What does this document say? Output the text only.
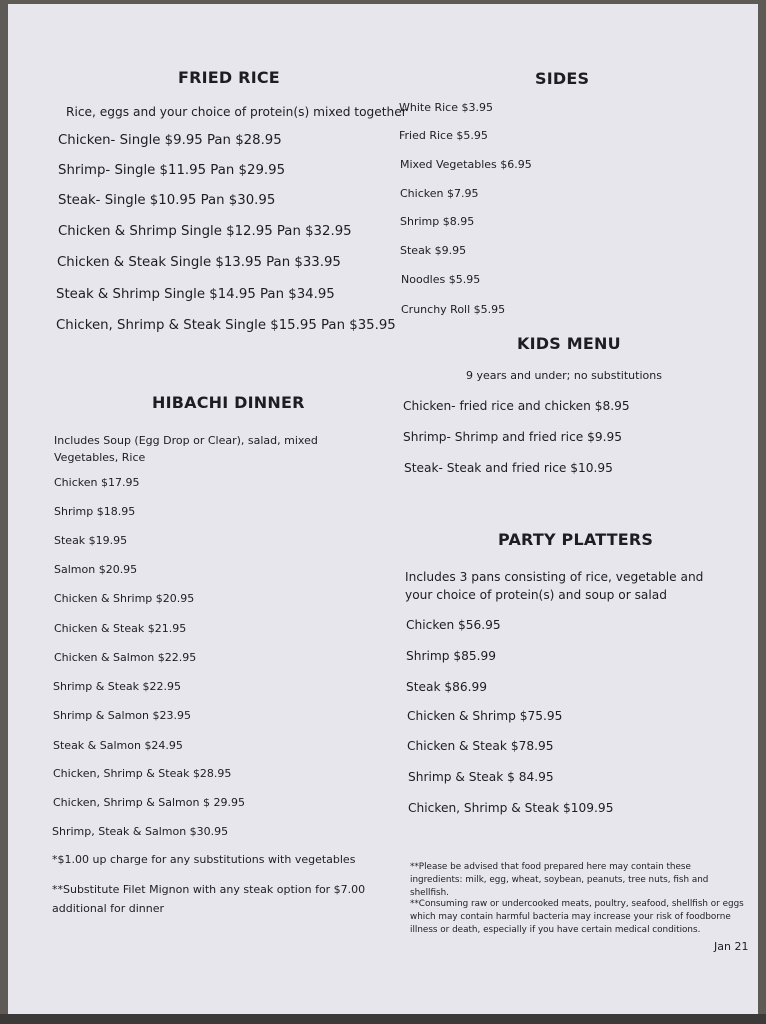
FRIED RICE
Rice, eggs and your choice of protein(s) mixed together
Chicken- Single $9.95 Pan $28.95
Shrimp- Single $11.95 Pan $29.95
Steak- Single $10.95 Pan $30.95
Chicken & Shrimp Single $12.95 Pan $32.95
Chicken & Steak Single $13.95 Pan $33.95
Steak & Shrimp Single $14.95 Pan $34.95
Chicken, Shrimp & Steak Single $15.95 Pan $35.95
HIBACHI DINNER
Includes Soup (Egg Drop or Clear), salad, mixed Vegetables, Rice
Chicken $17.95
Shrimp $18.95
Steak $19.95
Salmon $20.95
Chicken & Shrimp $20.95
Chicken & Steak $21.95
Chicken & Salmon $22.95
Shrimp & Steak $22.95
Shrimp & Salmon $23.95
Steak & Salmon $24.95
Chicken, Shrimp & Steak $28.95
Chicken, Shrimp & Salmon $ 29.95
Shrimp, Steak & Salmon $30.95
*$1.00 up charge for any substitutions with vegetables
**Substitute Filet Mignon with any steak option for $7.00 additional for dinner
SIDES
White Rice $3.95
Fried Rice $5.95
Mixed Vegetables $6.95
Chicken $7.95
Shrimp $8.95
Steak $9.95
Noodles $5.95
Crunchy Roll $5.95
KIDS MENU
9 years and under; no substitutions
Chicken- fried rice and chicken $8.95
Shrimp- Shrimp and fried rice $9.95
Steak- Steak and fried rice $10.95
PARTY PLATTERS
Includes 3 pans consisting of rice, vegetable and your choice of protein(s) and soup or salad
Chicken $56.95
Shrimp $85.99
Steak $86.99
Chicken & Shrimp $75.95
Chicken & Steak $78.95
Shrimp & Steak $ 84.95
Chicken, Shrimp & Steak $109.95
**Please be advised that food prepared here may contain these ingredients: milk, egg, wheat, soybean, peanuts, tree nuts, fish and shellfish.
**Consuming raw or undercooked meats, poultry, seafood, shellfish or eggs which may contain harmful bacteria may increase your risk of foodborne illness or death, especially if you have certain medical conditions.
Jan 21
